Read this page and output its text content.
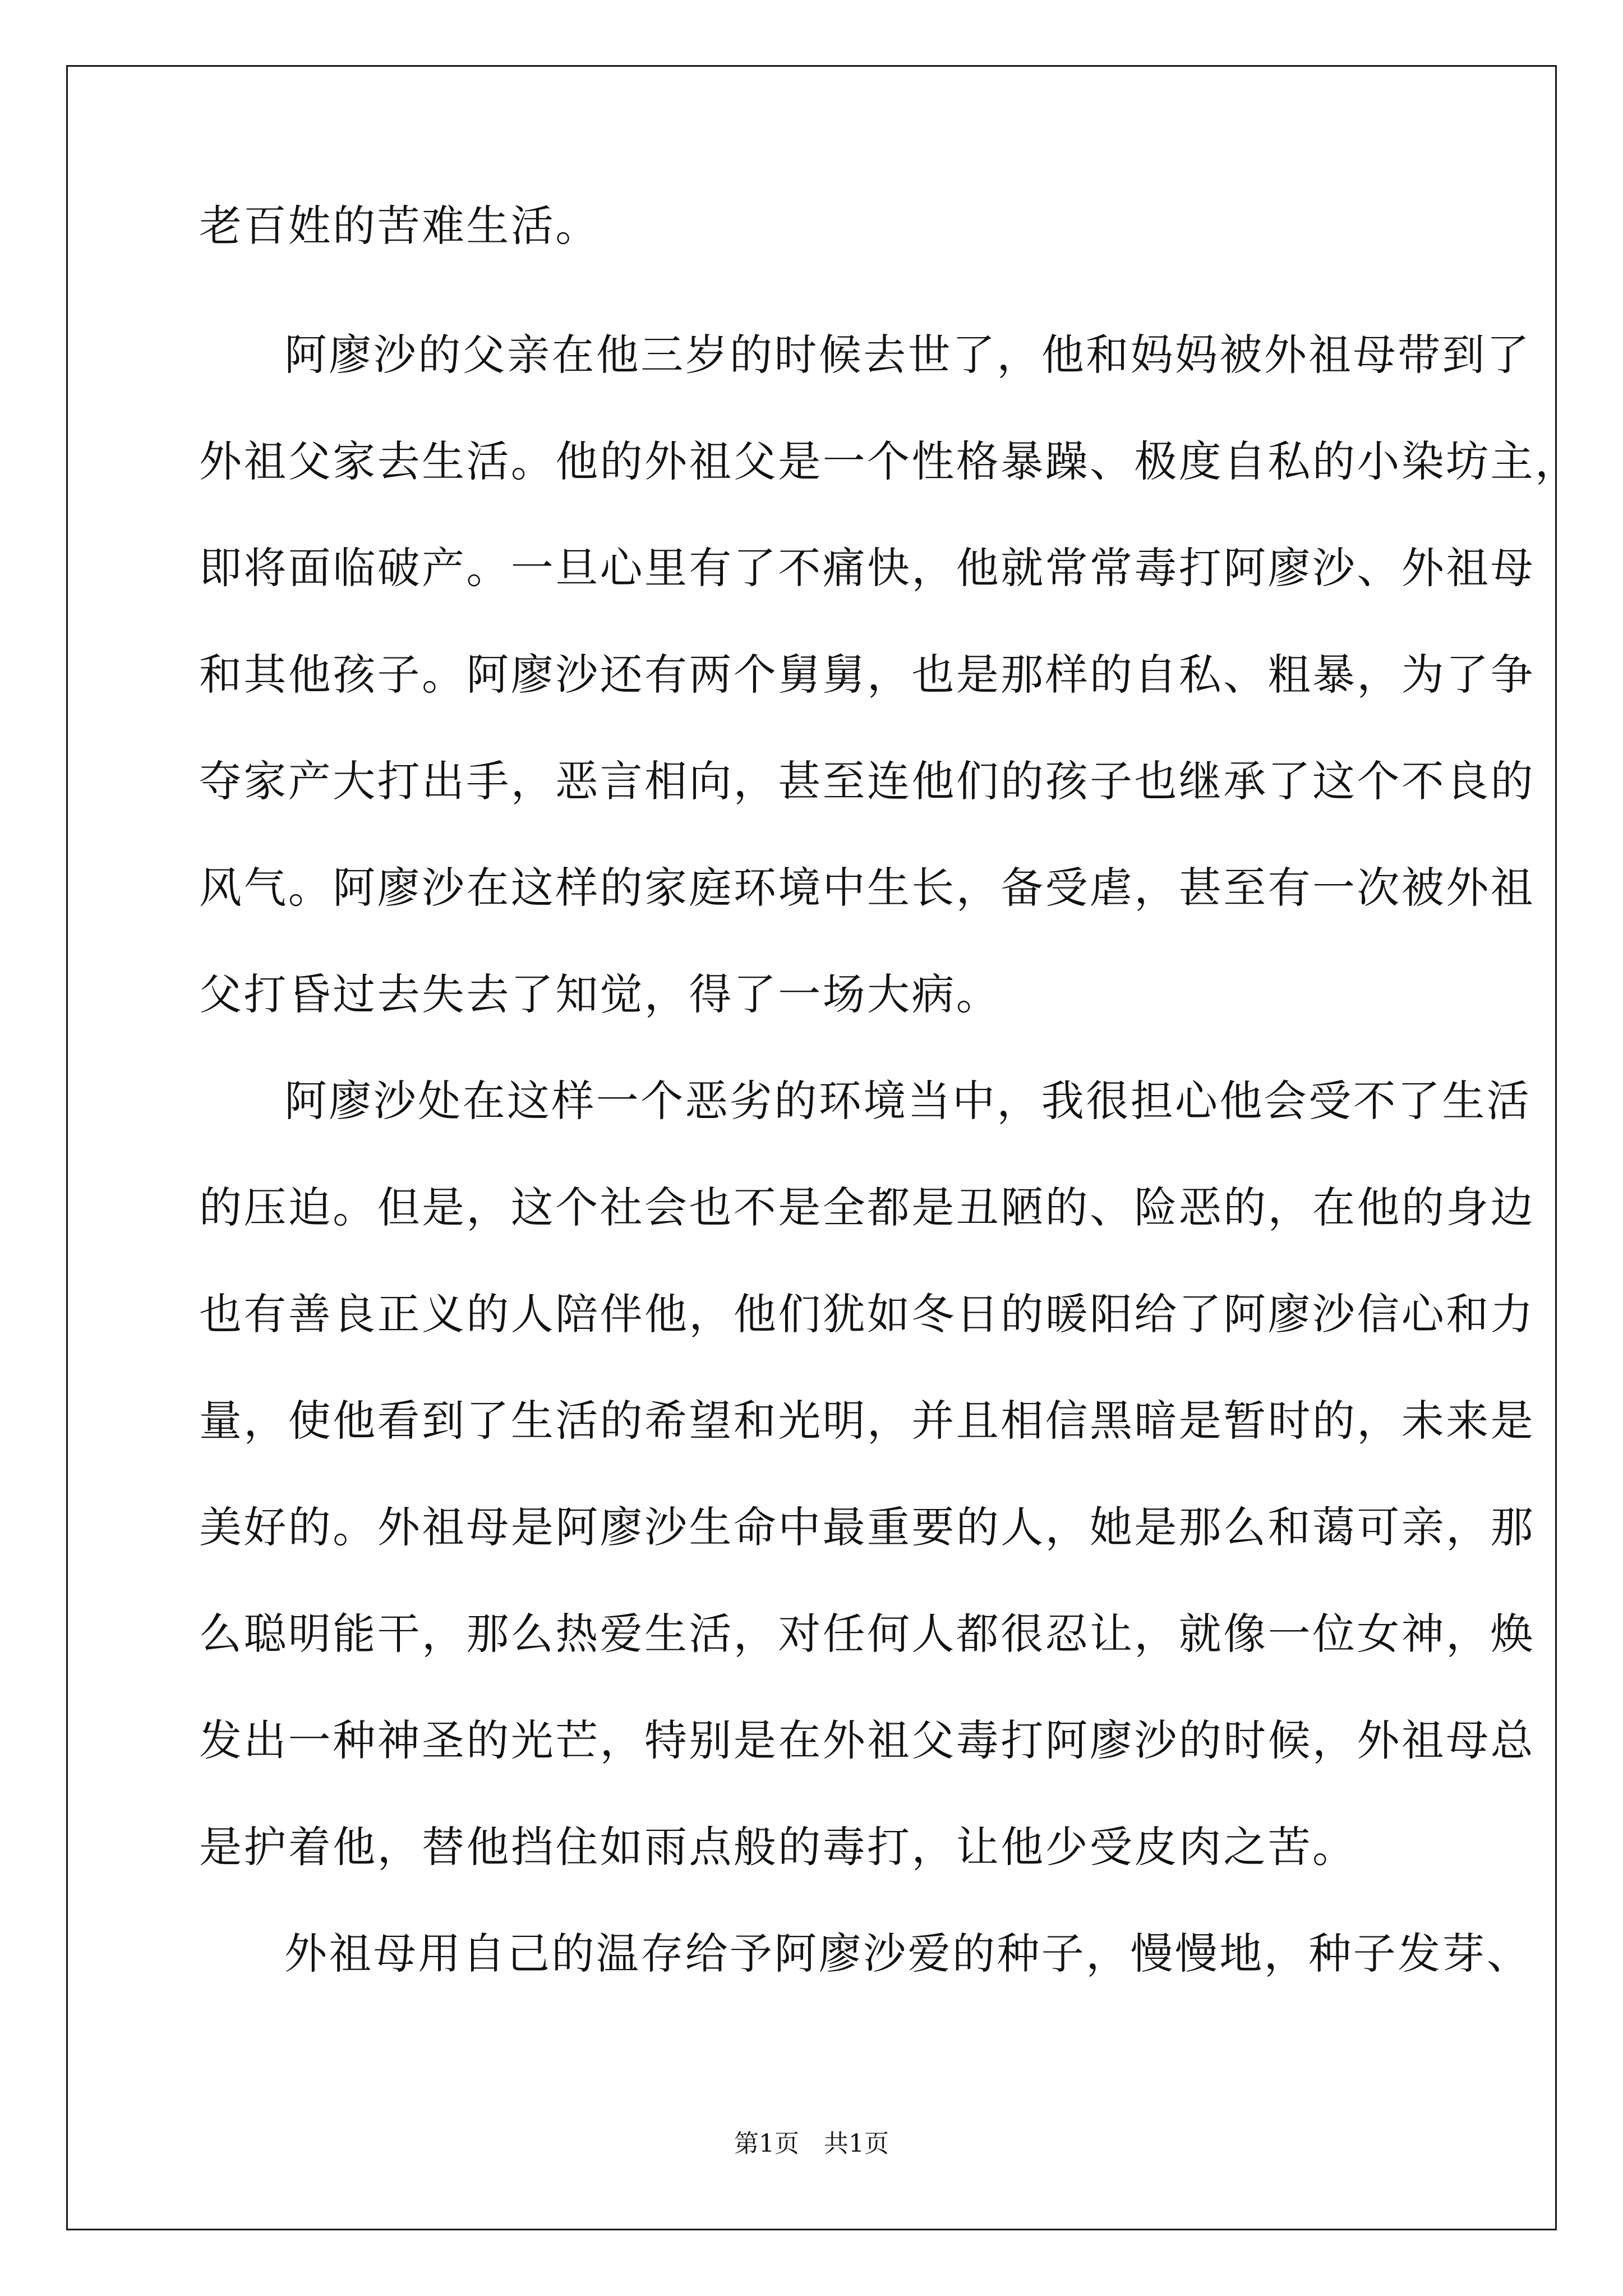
老百姓的苦难生活。
阿廖沙的父亲在他三岁的时候去世了，他和妈妈被外祖母带到了
外祖父家去生活。他的外祖父是一个性格暴躁、极度自私的小染坊主，
即将面临破产。一旦心里有了不痛快，他就常常毒打阿廖沙、外祖母
和其他孩子。阿廖沙还有两个舅舅，也是那样的自私、粗暴，为了争
夺家产大打出手，恶言相向，甚至连他们的孩子也继承了这个不良的
风气。阿廖沙在这样的家庭环境中生长，备受虐，甚至有一次被外祖
父打昏过去失去了知觉，得了一场大病。
阿廖沙处在这样一个恶劣的环境当中，我很担心他会受不了生活
的压迫。但是，这个社会也不是全都是丑陋的、险恶的，在他的身边
也有善良正义的人陪伴他，他们犹如冬日的暖阳给了阿廖沙信心和力
量，使他看到了生活的希望和光明，并且相信黑暗是暂时的，未来是
美好的。外祖母是阿廖沙生命中最重要的人，她是那么和蔼可亲，那
么聪明能干，那么热爱生活，对任何人都很忍让，就像一位女神，焕
发出一种神圣的光芒，特别是在外祖父毒打阿廖沙的时候，外祖母总
是护着他，替他挡住如雨点般的毒打，让他少受皮肉之苦。
外祖母用自己的温存给予阿廖沙爱的种子，慢慢地，种子发芽、
第1页 共1页
